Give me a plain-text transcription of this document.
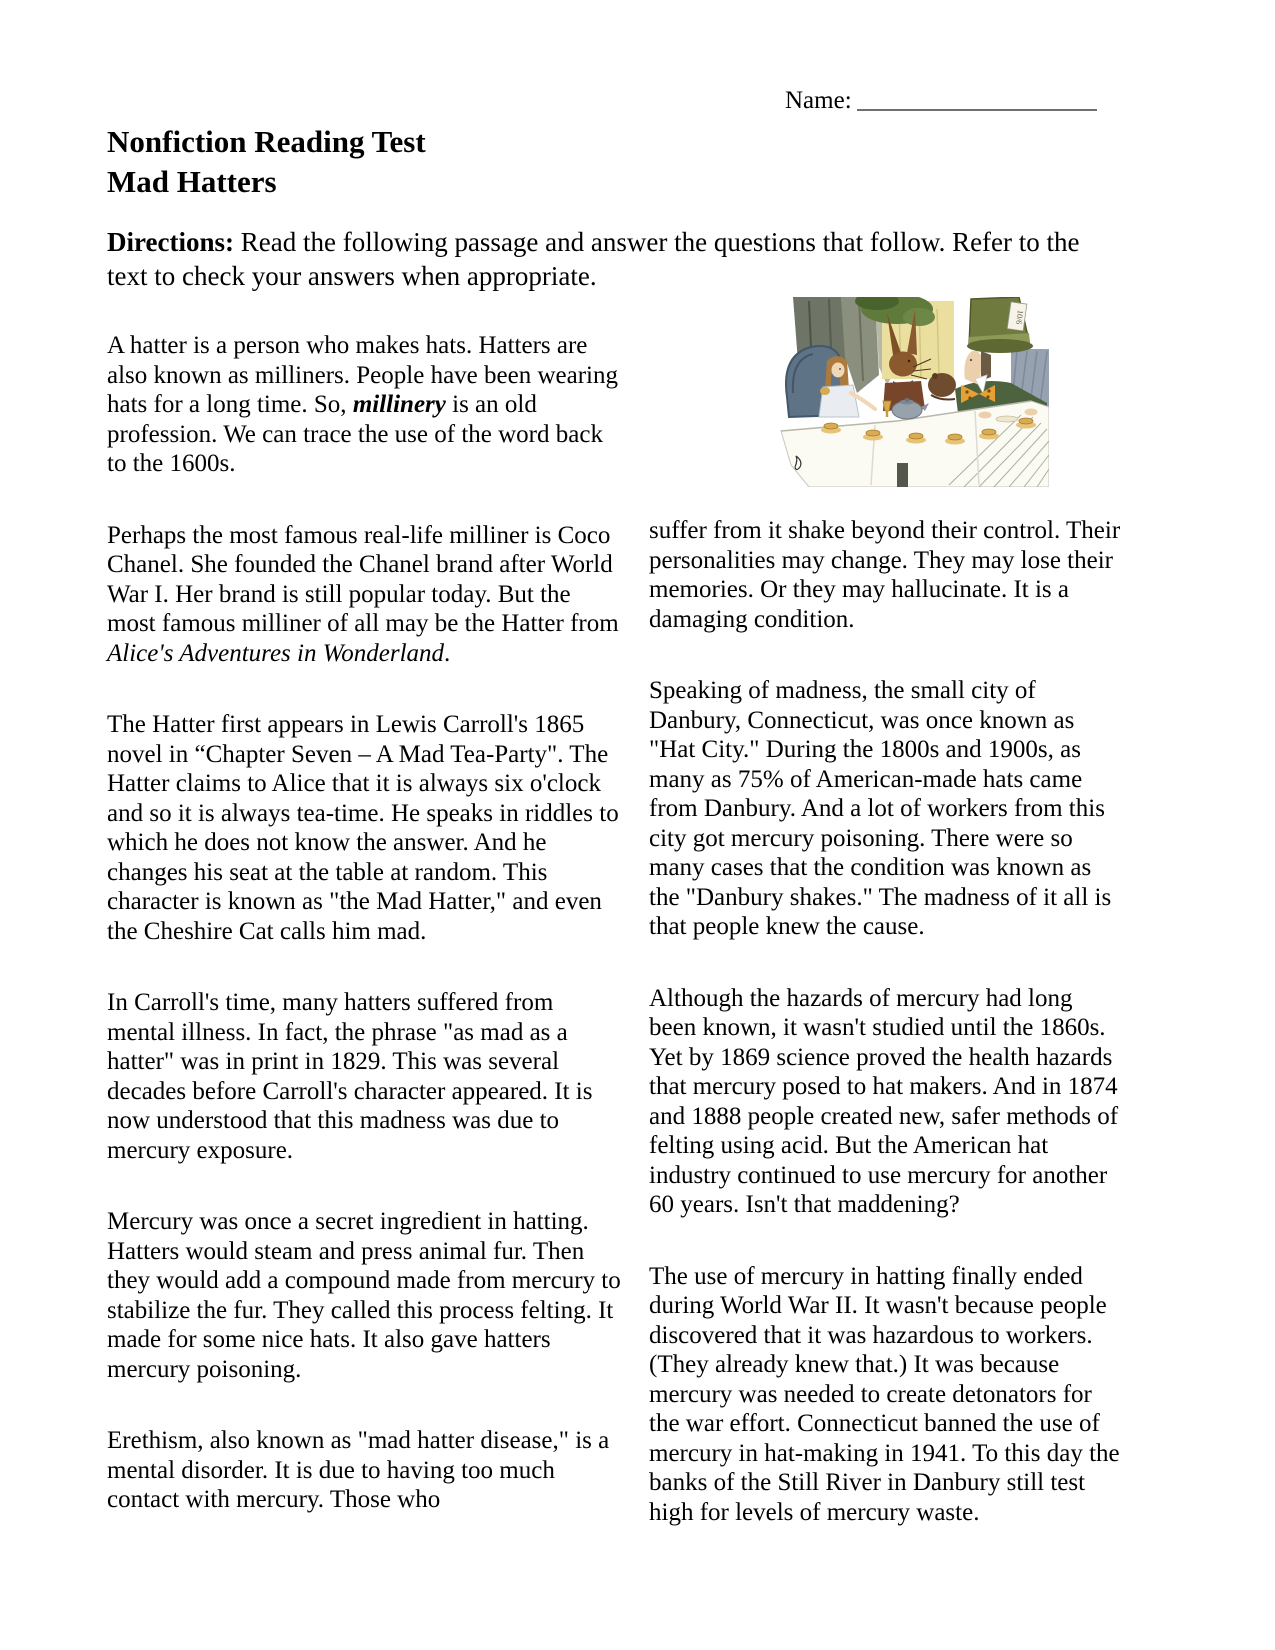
Name:
Nonfiction Reading Test
Mad Hatters

Directions: Read the following passage and answer the questions that follow. Refer to the text to check your answers when appropriate.

A hatter is a person who makes hats. Hatters are also known as milliners. People have been wearing hats for a long time. So, millinery is an old profession. We can trace the use of the word back to the 1600s.

Perhaps the most famous real-life milliner is Coco Chanel. She founded the Chanel brand after World War I. Her brand is still popular today. But the most famous milliner of all may be the Hatter from Alice's Adventures in Wonderland.

The Hatter first appears in Lewis Carroll's 1865 novel in “Chapter Seven – A Mad Tea-Party". The Hatter claims to Alice that it is always six o'clock and so it is always tea-time. He speaks in riddles to which he does not know the answer. And he changes his seat at the table at random. This character is known as "the Mad Hatter," and even the Cheshire Cat calls him mad.

In Carroll's time, many hatters suffered from mental illness. In fact, the phrase "as mad as a hatter" was in print in 1829. This was several decades before Carroll's character appeared. It is now understood that this madness was due to mercury exposure.

Mercury was once a secret ingredient in hatting. Hatters would steam and press animal fur. Then they would add a compound made from mercury to stabilize the fur. They called this process felting. It made for some nice hats. It also gave hatters mercury poisoning.

Erethism, also known as "mad hatter disease," is a mental disorder. It is due to having too much contact with mercury. Those who

10/6

suffer from it shake beyond their control. Their personalities may change. They may lose their memories. Or they may hallucinate. It is a damaging condition.

Speaking of madness, the small city of Danbury, Connecticut, was once known as "Hat City." During the 1800s and 1900s, as many as 75% of American-made hats came from Danbury. And a lot of workers from this city got mercury poisoning. There were so many cases that the condition was known as the "Danbury shakes." The madness of it all is that people knew the cause.

Although the hazards of mercury had long been known, it wasn't studied until the 1860s. Yet by 1869 science proved the health hazards that mercury posed to hat makers. And in 1874 and 1888 people created new, safer methods of felting using acid. But the American hat industry continued to use mercury for another 60 years. Isn't that maddening?

The use of mercury in hatting finally ended during World War II. It wasn't because people discovered that it was hazardous to workers. (They already knew that.) It was because mercury was needed to create detonators for the war effort. Connecticut banned the use of mercury in hat-making in 1941. To this day the banks of the Still River in Danbury still test high for levels of mercury waste.
